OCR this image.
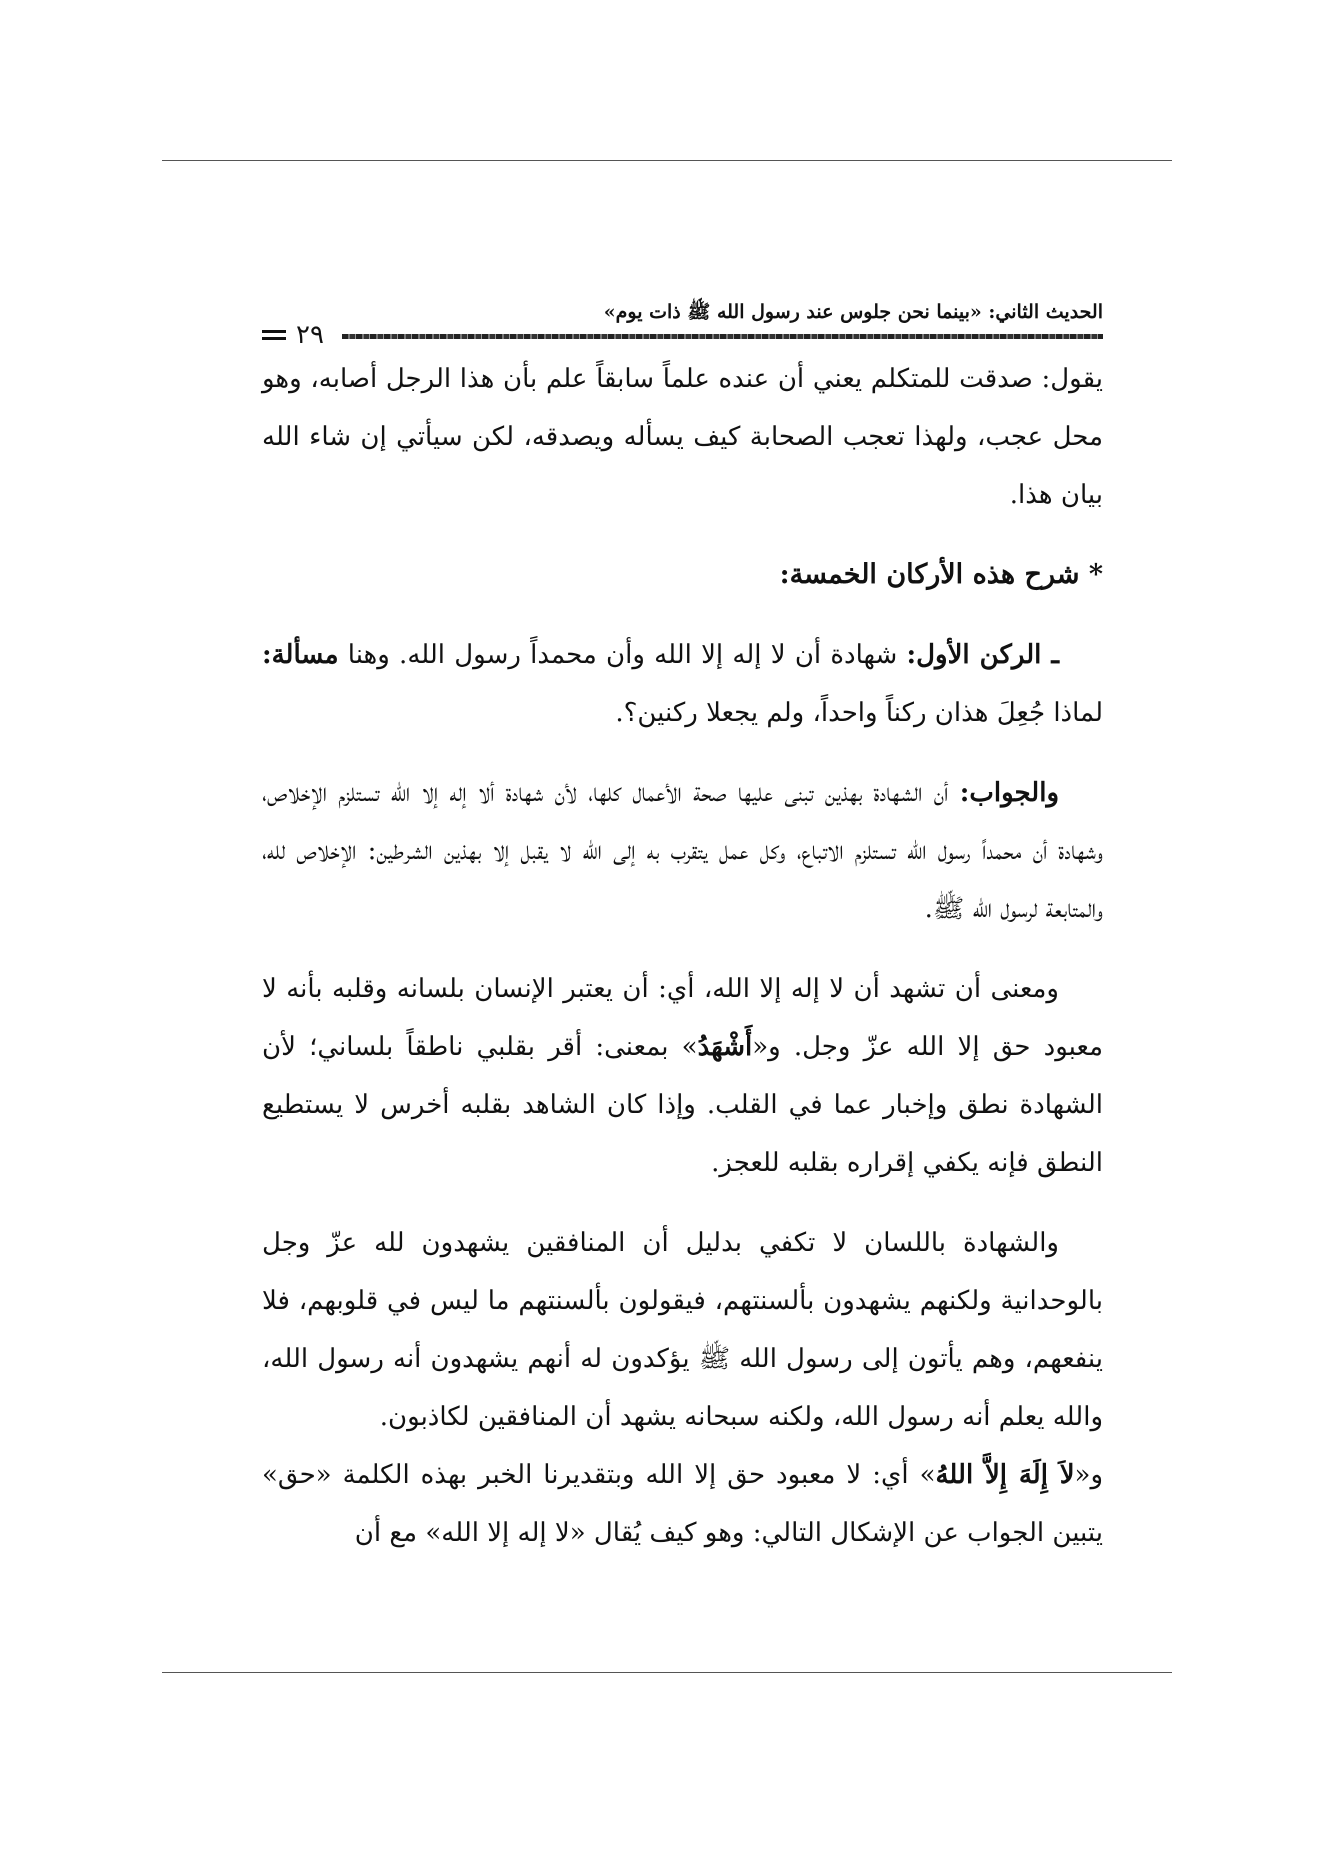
الحديث الثاني: «بينما نحن جلوس عند رسول الله ﷺ ذات يوم»
٢٩

يقول: صدقت للمتكلم يعني أن عنده علماً سابقاً علم بأن هذا الرجل أصابه، وهو محل عجب، ولهذا تعجب الصحابة كيف يسأله ويصدقه، لكن سيأتي إن شاء الله بيان هذا.

* شرح هذه الأركان الخمسة:

ـ الركن الأول: شهادة أن لا إله إلا الله وأن محمداً رسول الله. وهنا مسألة: لماذا جُعِلَ هذان ركناً واحداً، ولم يجعلا ركنين؟.

والجواب: أن الشهادة بهذين تبنى عليها صحة الأعمال كلها، لأن شهادة ألا إله إلا الله تستلزم الإخلاص، وشهادة أن محمداً رسول الله تستلزم الاتباع، وكل عمل يتقرب به إلى الله لا يقبل إلا بهذين الشرطين: الإخلاص لله، والمتابعة لرسول الله ﷺ.

ومعنى أن تشهد أن لا إله إلا الله، أي: أن يعتبر الإنسان بلسانه وقلبه بأنه لا معبود حق إلا الله عزّ وجل. و«أَشْهَدُ» بمعنى: أقر بقلبي ناطقاً بلساني؛ لأن الشهادة نطق وإخبار عما في القلب. وإذا كان الشاهد بقلبه أخرس لا يستطيع النطق فإنه يكفي إقراره بقلبه للعجز.

والشهادة باللسان لا تكفي بدليل أن المنافقين يشهدون لله عزّ وجل بالوحدانية ولكنهم يشهدون بألسنتهم، فيقولون بألسنتهم ما ليس في قلوبهم، فلا ينفعهم، وهم يأتون إلى رسول الله ﷺ يؤكدون له أنهم يشهدون أنه رسول الله، والله يعلم أنه رسول الله، ولكنه سبحانه يشهد أن المنافقين لكاذبون.

و«لاَ إِلَهَ إِلاَّ اللهُ» أي: لا معبود حق إلا الله وبتقديرنا الخبر بهذه الكلمة «حق» يتبين الجواب عن الإشكال التالي: وهو كيف يُقال «لا إله إلا الله» مع أن
